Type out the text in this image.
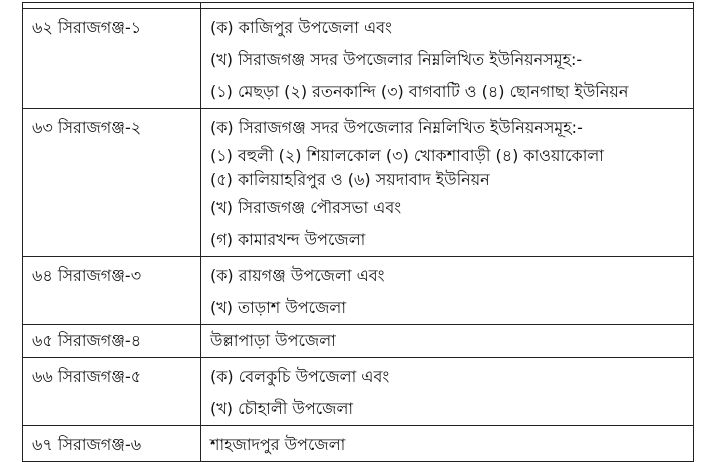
৬২ সিরাজগঞ্জ-১	(ক) কাজিপুর উপজেলা এবং
(খ) সিরাজগঞ্জ সদর উপজেলার নিম্নলিখিত ইউনিয়নসমূহ:-
(১) মেছড়া (২) রতনকান্দি (৩) বাগবাটি ও (৪) ছোনগাছা ইউনিয়ন

৬৩ সিরাজগঞ্জ-২	(ক) সিরাজগঞ্জ সদর উপজেলার নিম্নলিখিত ইউনিয়নসমূহ:-
(১) বহুলী (২) শিয়ালকোল (৩) খোকশাবাড়ী (৪) কাওয়াকোলা
(৫) কালিয়াহরিপুর ও (৬) সয়দাবাদ ইউনিয়ন
(খ) সিরাজগঞ্জ পৌরসভা এবং
(গ) কামারখন্দ উপজেলা

৬৪ সিরাজগঞ্জ-৩	(ক) রায়গঞ্জ উপজেলা এবং
(খ) তাড়াশ উপজেলা

৬৫ সিরাজগঞ্জ-৪	উল্লাপাড়া উপজেলা

৬৬ সিরাজগঞ্জ-৫	(ক) বেলকুচি উপজেলা এবং
(খ) চৌহালী উপজেলা

৬৭ সিরাজগঞ্জ-৬	শাহজাদপুর উপজেলা
